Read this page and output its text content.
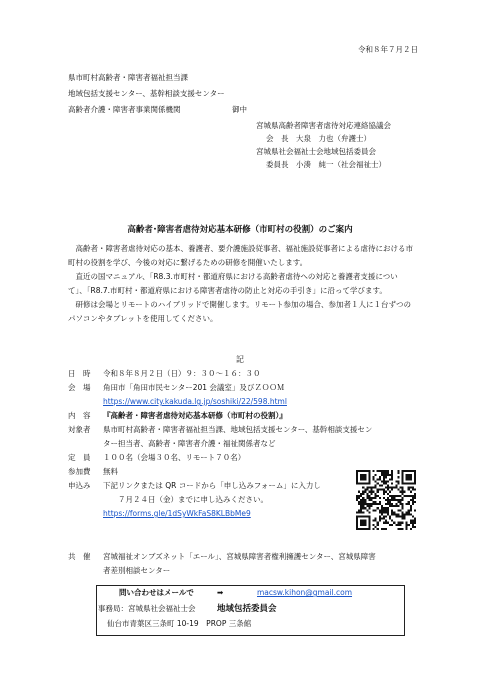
令和８年７月２日
県市町村高齢者・障害者福祉担当課
地域包括支援センター、基幹相談支援センター
高齢者介護・障害者事業関係機関	御中
宮城県高齢者障害者虐待対応連絡協議会
会　長　大泉　力也（弁護士）
宮城県社会福祉士会地域包括委員会
委員長　小湊　純一（社会福祉士）
高齢者･障害者虐待対応基本研修（市町村の役割）のご案内
高齢者・障害者虐待対応の基本、養護者、要介護施設従事者、福祉施設従事者による虐待における市町村の役割を学び、今後の対応に繋げるための研修を開催いたします。
直近の国マニュアル、「R8.3.市町村・都道府県における高齢者虐待への対応と養護者支援について」、「R8.7.市町村・都道府県における障害者虐待の防止と対応の手引き」に沿って学びます。
研修は会場とリモートのハイブリッドで開催します。リモート参加の場合、参加者１人に１台ずつのパソコンやタブレットを使用してください。
記
日　時 令和８年８月２日（日）９：３０～１６：３０
会　場 角田市「角田市民センター201 会議室」及びＺＯＯＭ
https://www.city.kakuda.lg.jp/soshiki/22/598.html
内　容 『高齢者・障害者虐待対応基本研修（市町村の役割）』
対象者 県市町村高齢者・障害者福祉担当課、地域包括支援センター、基幹相談支援セン
ター担当者、高齢者・障害者介護・福祉関係者など
定　員 １００名（会場３０名、リモート７０名）
参加費 無料
申込み 下記リンクまたは QR コードから「申し込みフォーム」に入力し
７月２４日（金）までに申し込みください。
https://forms.gle/1dSyWkFaS8KLBbMe9
共　催 宮城福祉オンブズネット「エール」、宮城県障害者権利擁護センター、宮城県障害
者差別相談センター
問い合わせはメールで	➡	macsw.kihon@gmail.com
事務局：宮城県社会福祉士会	地域包括委員会
仙台市青葉区三条町 10-19　PROP 三条館
